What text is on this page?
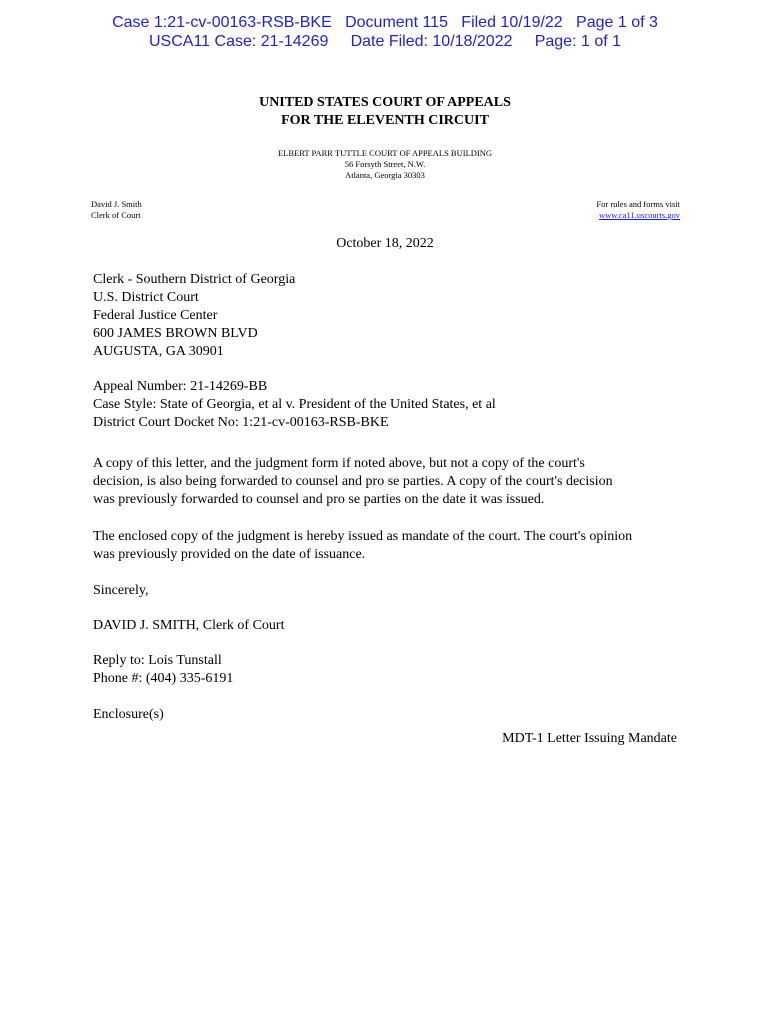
Case 1:21-cv-00163-RSB-BKE   Document 115   Filed 10/19/22   Page 1 of 3
USCA11 Case: 21-14269     Date Filed: 10/18/2022     Page: 1 of 1
UNITED STATES COURT OF APPEALS
FOR THE ELEVENTH CIRCUIT
ELBERT PARR TUTTLE COURT OF APPEALS BUILDING
56 Forsyth Street, N.W.
Atlanta, Georgia 30303
David J. Smith
Clerk of Court
For rules and forms visit
www.ca11.uscourts.gov
October 18, 2022
Clerk - Southern District of Georgia
U.S. District Court
Federal Justice Center
600 JAMES BROWN BLVD
AUGUSTA, GA 30901
Appeal Number: 21-14269-BB
Case Style: State of Georgia, et al v. President of the United States, et al
District Court Docket No: 1:21-cv-00163-RSB-BKE
A copy of this letter, and the judgment form if noted above, but not a copy of the court's
decision, is also being forwarded to counsel and pro se parties. A copy of the court's decision
was previously forwarded to counsel and pro se parties on the date it was issued.
The enclosed copy of the judgment is hereby issued as mandate of the court. The court's opinion
was previously provided on the date of issuance.
Sincerely,
DAVID J. SMITH, Clerk of Court
Reply to: Lois Tunstall
Phone #: (404) 335-6191
Enclosure(s)
MDT-1 Letter Issuing Mandate
